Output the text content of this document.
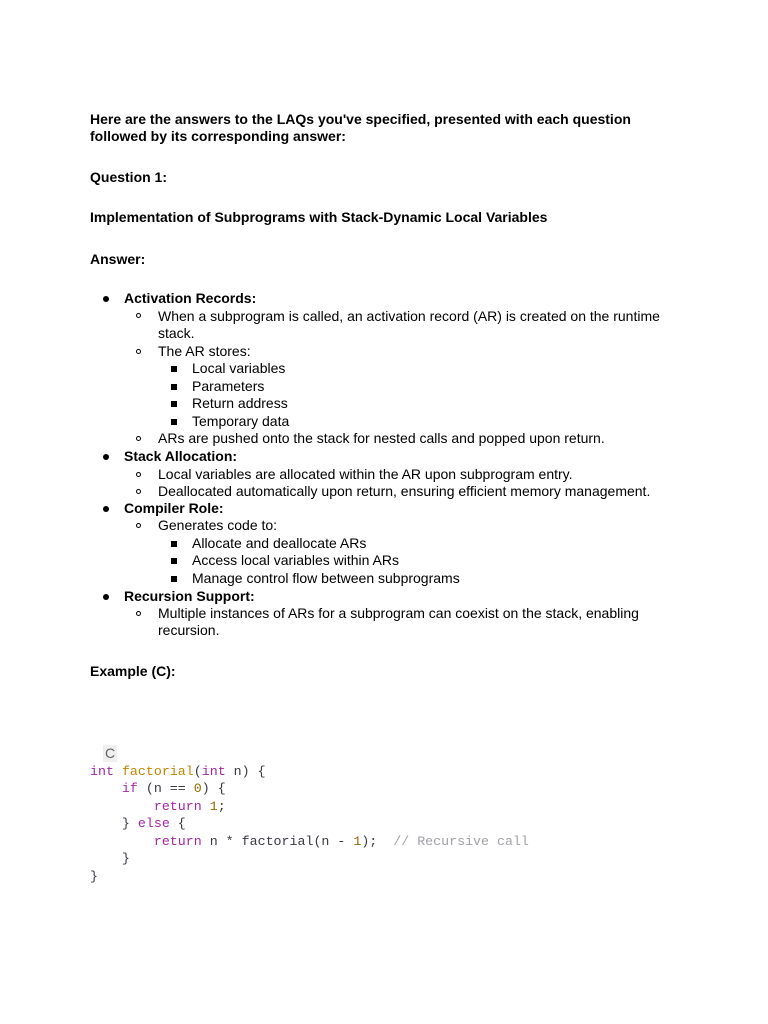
Here are the answers to the LAQs you've specified, presented with each question followed by its corresponding answer:
Question 1:
Implementation of Subprograms with Stack-Dynamic Local Variables
Answer:
Activation Records:
When a subprogram is called, an activation record (AR) is created on the runtime stack.
The AR stores:
Local variables
Parameters
Return address
Temporary data
ARs are pushed onto the stack for nested calls and popped upon return.
Stack Allocation:
Local variables are allocated within the AR upon subprogram entry.
Deallocated automatically upon return, ensuring efficient memory management.
Compiler Role:
Generates code to:
Allocate and deallocate ARs
Access local variables within ARs
Manage control flow between subprograms
Recursion Support:
Multiple instances of ARs for a subprogram can coexist on the stack, enabling recursion.
Example (C):
C
int factorial(int n) {
if (n == 0) {
return 1;
} else {
return n * factorial(n - 1);  // Recursive call
}
}
